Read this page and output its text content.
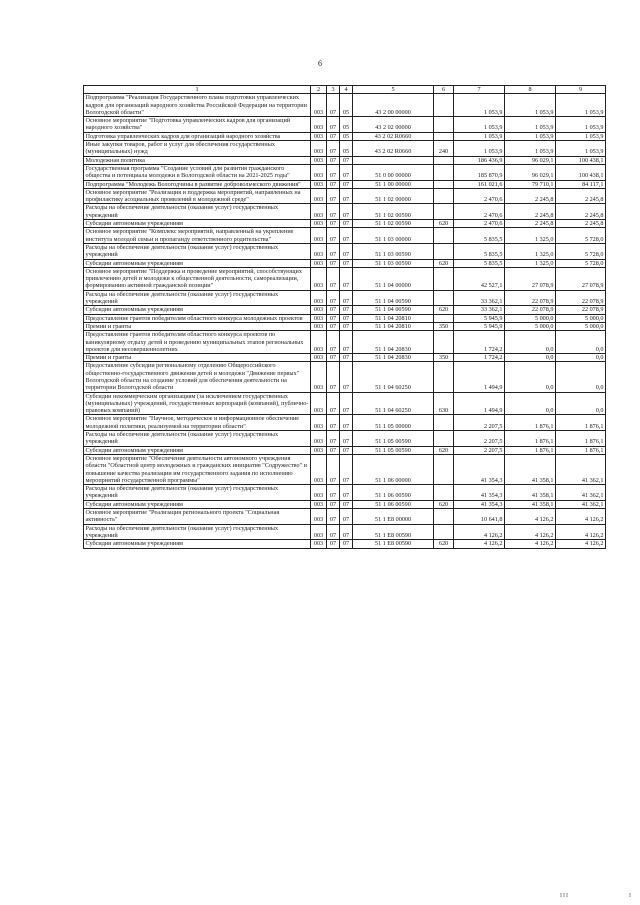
6
1	2	3	4	5	6	7	8	9
Подпрограмма "Реализация Государственного плана подготовки управленческих кадров для организаций народного хозяйства Российской Федерации на территории Вологодской области"	003	07	05	43 2 00 00000		1 053,9	1 053,9	1 053,9
Основное мероприятие "Подготовка управленческих кадров для организаций народного хозяйства"	003	07	05	43 2 02 00000		1 053,9	1 053,9	1 053,9
Подготовка управленческих кадров для организаций народного хозяйства	003	07	05	43 2 02 R0660		1 053,9	1 053,9	1 053,9
Иные закупки товаров, работ и услуг для обеспечения государственных (муниципальных) нужд	003	07	05	43 2 02 R0660	240	1 053,9	1 053,9	1 053,9
Молодежная политика	003	07	07			186 436,9	96 029,1	100 438,1
Государственная программа "Создание условий для развития гражданского общества и потенциала молодежи в Вологодской области на 2021-2025 годы"	003	07	07	51 0 00 00000		185 870,9	96 029,1	100 438,1
Подпрограмма "Молодежь Вологодчины в развитие добровольческого движения"	003	07	07	51 1 00 00000		161 021,6	79 710,1	84 117,1
Основное мероприятие "Реализация и поддержка мероприятий, направленных на профилактику асоциальных проявлений в молодежной среде"	003	07	07	51 1 02 00000		2 470,6	2 245,8	2 245,8
Расходы на обеспечение деятельности (оказание услуг) государственных учреждений	003	07	07	51 1 02 00590		2 470,6	2 245,8	2 245,8
Субсидии автономным учреждениям	003	07	07	51 1 02 00590	620	2 470,6	2 245,8	2 245,8
Основное мероприятие "Комплекс мероприятий, направленный на укрепление института молодой семьи и пропаганду ответственного родительства"	003	07	07	51 1 03 00000		5 835,5	1 325,0	5 728,0
Расходы на обеспечение деятельности (оказание услуг) государственных учреждений	003	07	07	51 1 03 00590		5 835,5	1 325,0	5 728,0
Субсидии автономным учреждениям	003	07	07	51 1 03 00590	620	5 835,5	1 325,0	5 728,0
Основное мероприятие "Поддержка и проведение мероприятий, способствующих привлечению детей и молодежи к общественной деятельности, самореализации, формированию активной гражданской позиции"	003	07	07	51 1 04 00000		42 527,1	27 078,9	27 078,9
Расходы на обеспечение деятельности (оказание услуг) государственных учреждений	003	07	07	51 1 04 00590		33 362,1	22 078,9	22 078,9
Субсидии автономным учреждениям	003	07	07	51 1 04 00590	620	33 362,1	22 078,9	22 078,9
Предоставление грантов победителям областного конкурса молодежных проектов	003	07	07	51 1 04 20810		5 945,9	5 000,0	5 000,0
Премии и гранты	003	07	07	51 1 04 20810	350	5 945,9	5 000,0	5 000,0
Предоставление грантов победителям областного конкурса проектов по каникулярному отдыху детей и проведению муниципальных этапов региональных проектов для несовершеннолетних	003	07	07	51 1 04 20830		1 724,2	0,0	0,0
Премии и гранты	003	07	07	51 1 04 20830	350	1 724,2	0,0	0,0
Предоставление субсидии региональному отделению Общероссийского общественно-государственного движения детей и молодежи "Движение первых" Вологодской области на создание условий для обеспечения деятельности на территории Вологодской области	003	07	07	51 1 04 60250		1 494,9	0,0	0,0
Субсидии некоммерческим организациям (за исключением государственных (муниципальных) учреждений, государственных корпораций (компаний), публично-правовых компаний)	003	07	07	51 1 04 60250	630	1 494,9	0,0	0,0
Основное мероприятие "Научное, методическое и информационное обеспечение молодежной политики, реализуемой на территории области"	003	07	07	51 1 05 00000		2 207,5	1 876,1	1 876,1
Расходы на обеспечение деятельности (оказание услуг) государственных учреждений	003	07	07	51 1 05 00590		2 207,5	1 876,1	1 876,1
Субсидии автономным учреждениям	003	07	07	51 1 05 00590	620	2 207,5	1 876,1	1 876,1
Основное мероприятие "Обеспечение деятельности автономного учреждения области "Областной центр молодежных и гражданских инициатив "Содружество" и повышение качества реализации им государственного задания по исполнению мероприятий государственной программы"	003	07	07	51 1 06 00000		41 354,3	41 358,1	41 362,1
Расходы на обеспечение деятельности (оказание услуг) государственных учреждений	003	07	07	51 1 06 00590		41 354,3	41 358,1	41 362,1
Субсидии автономным учреждениям	003	07	07	51 1 06 00590	620	41 354,3	41 358,1	41 362,1
Основное мероприятие "Реализация регионального проекта "Социальная активность"	003	07	07	51 1 E8 00000		10 641,8	4 126,2	4 126,2
Расходы на обеспечение деятельности (оказание услуг) государственных учреждений	003	07	07	51 1 E8 00590		4 126,2	4 126,2	4 126,2
Субсидии автономным учреждениям	003	07	07	51 1 E8 00590	620	4 126,2	4 126,2	4 126,2
III	I
